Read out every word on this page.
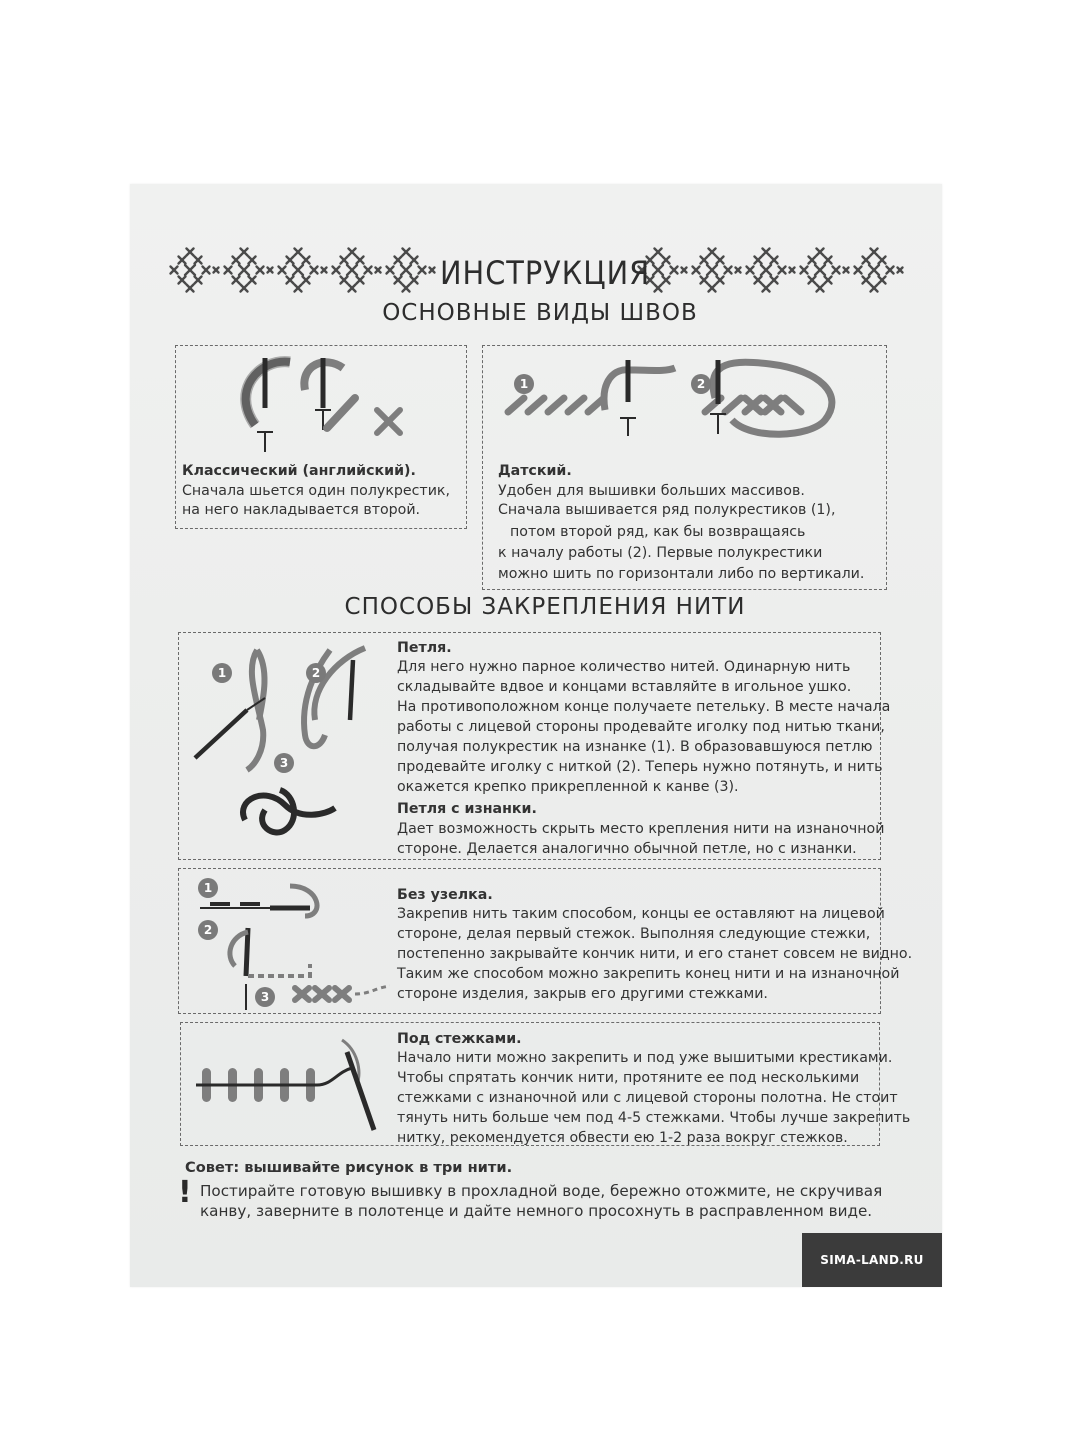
ИНСТРУКЦИЯ
ОСНОВНЫЕ ВИДЫ ШВОВ
Классический (английский).
Сначала шьется один полукрестик,
на него накладывается второй.
1	2
Датский.
Удобен для вышивки больших массивов.
Сначала вышивается ряд полукрестиков (1),
потом второй ряд, как бы возвращаясь
к началу работы (2). Первые полукрестики
можно шить по горизонтали либо по вертикали.
СПОСОБЫ ЗАКРЕПЛЕНИЯ НИТИ
1	2
3
Петля.
Для него нужно парное количество нитей. Одинарную нить
складывайте вдвое и концами вставляйте в игольное ушко.
На противоположном конце получаете петельку. В месте начала
работы с лицевой стороны продевайте иголку под нитью ткани,
получая полукрестик на изнанке (1). В образовавшуюся петлю
продевайте иголку с ниткой (2). Теперь нужно потянуть, и нить
окажется крепко прикрепленной к канве (3).
Петля с изнанки.
Дает возможность скрыть место крепления нити на изнаночной
стороне. Делается аналогично обычной петле, но с изнанки.
1
2
3
Без узелка.
Закрепив нить таким способом, концы ее оставляют на лицевой
стороне, делая первый стежок. Выполняя следующие стежки,
постепенно закрывайте кончик нити, и его станет совсем не видно.
Таким же способом можно закрепить конец нити и на изнаночной
стороне изделия, закрыв его другими стежками.
Под стежками.
Начало нити можно закрепить и под уже вышитыми крестиками.
Чтобы спрятать кончик нити, протяните ее под несколькими
стежками с изнаночной или с лицевой стороны полотна. Не стоит
тянуть нить больше чем под 4-5 стежками. Чтобы лучше закрепить
нитку, рекомендуется обвести ею 1-2 раза вокруг стежков.
Совет: вышивайте рисунок в три нити.
! Постирайте готовую вышивку в прохладной воде, бережно отожмите, не скручивая
канву, заверните в полотенце и дайте немного просохнуть в расправленном виде.
SIMA-LAND.RU
